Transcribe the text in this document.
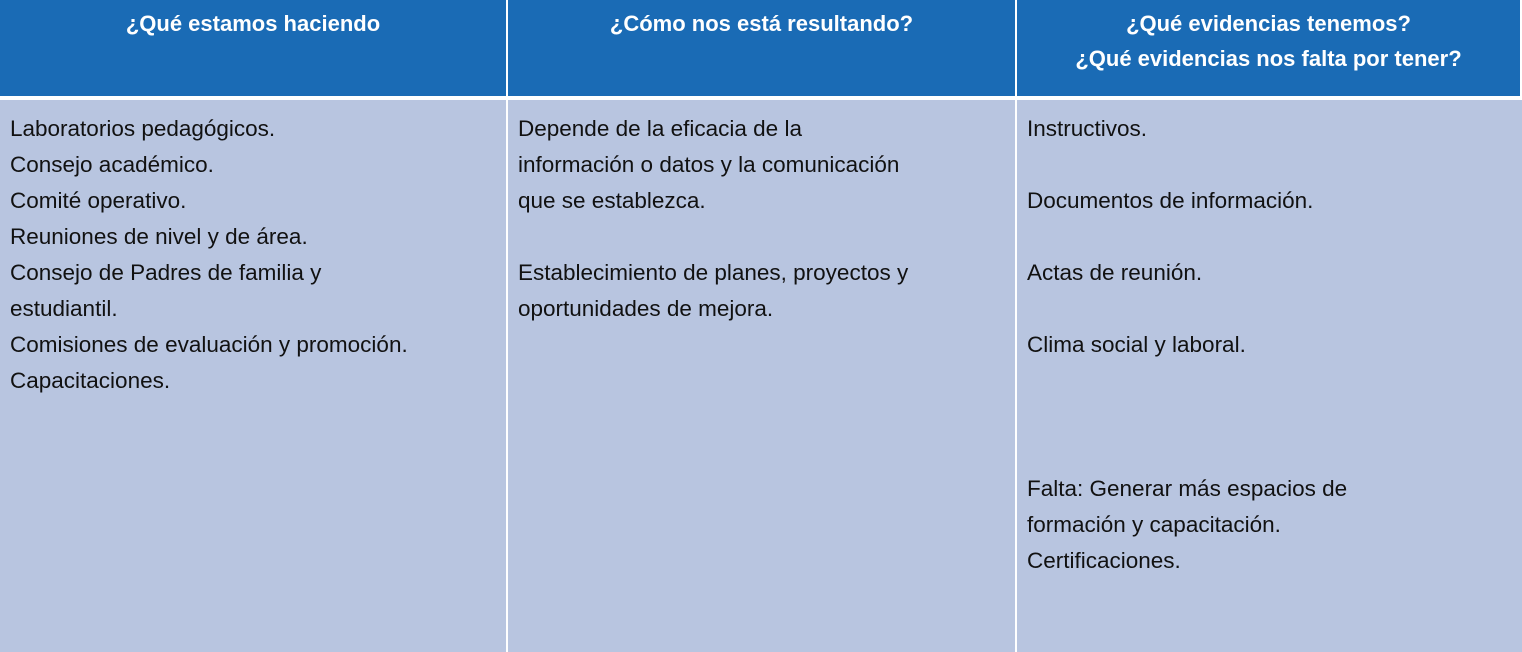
¿Qué estamos haciendo	¿Cómo nos está resultando?	¿Qué evidencias tenemos?
¿Qué evidencias nos falta por tener?
Laboratorios pedagógicos.
Consejo académico.
Comité operativo.
Reuniones de nivel y de área.
Consejo de Padres de familia y
estudiantil.
Comisiones de evaluación y promoción.
Capacitaciones.
Depende de la eficacia de la
información o datos y la comunicación
que se establezca.
Establecimiento de planes, proyectos y
oportunidades de mejora.
Instructivos.
Documentos de información.
Actas de reunión.
Clima social y laboral.
Falta: Generar más espacios de
formación y capacitación.
Certificaciones.
